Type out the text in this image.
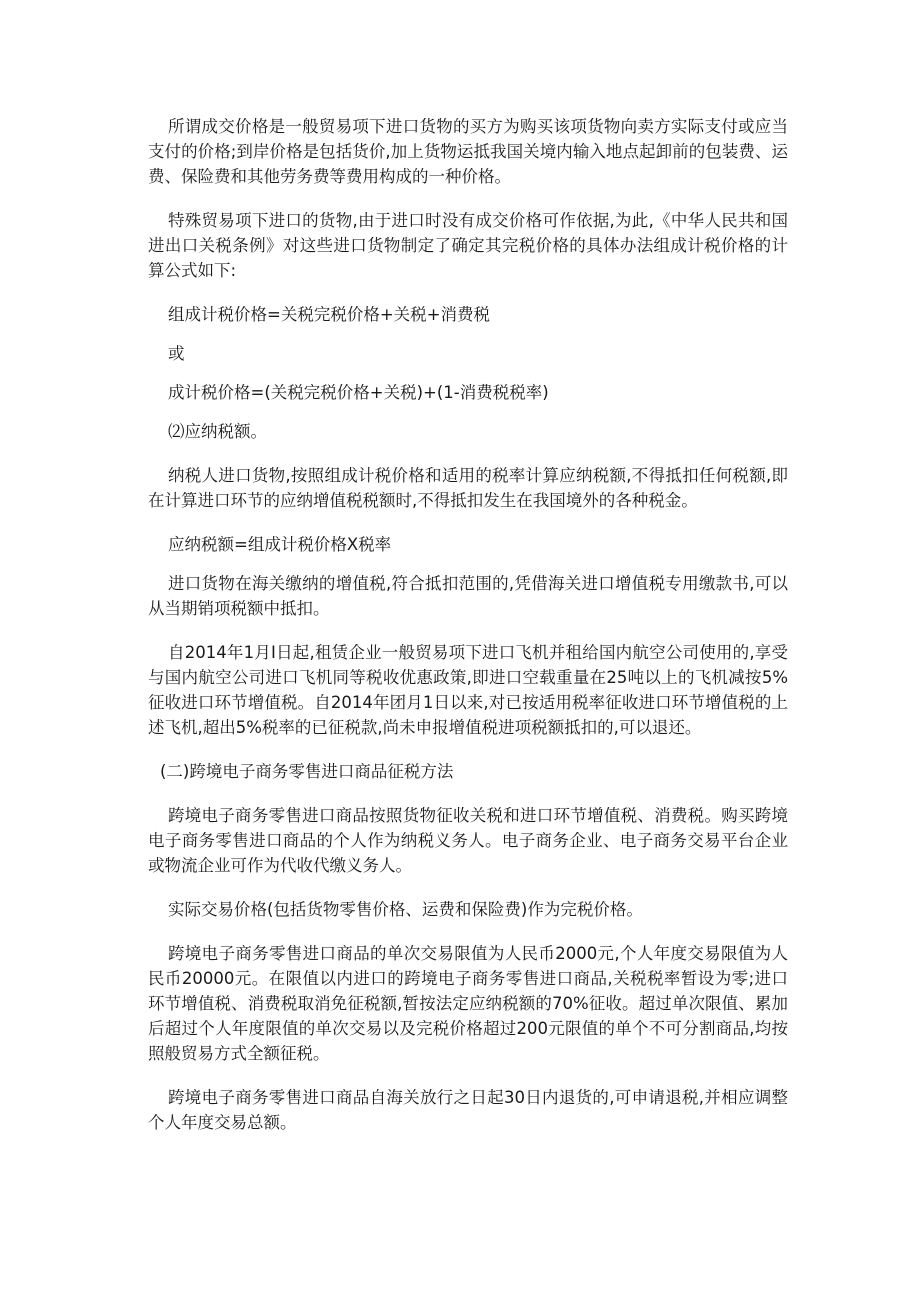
所谓成交价格是一般贸易项下进口货物的买方为购买该项货物向卖方实际支付或应当支付的价格;到岸价格是包括货价,加上货物运抵我国关境内输入地点起卸前的包装费、运费、保险费和其他劳务费等费用构成的一种价格。

特殊贸易项下进口的货物,由于进口时没有成交价格可作依据,为此,《中华人民共和国进出口关税条例》对这些进口货物制定了确定其完税价格的具体办法组成计税价格的计算公式如下:

组成计税价格=关税完税价格+关税+消费税

或

成计税价格=(关税完税价格+关税)+(1-消费税税率)

⑵应纳税额。

纳税人进口货物,按照组成计税价格和适用的税率计算应纳税额,不得抵扣任何税额,即在计算进口环节的应纳增值税税额时,不得抵扣发生在我国境外的各种税金。

应纳税额=组成计税价格X税率

进口货物在海关缴纳的增值税,符合抵扣范围的,凭借海关进口增值税专用缴款书,可以从当期销项税额中抵扣。

自2014年1月I日起,租赁企业一般贸易项下进口飞机并租给国内航空公司使用的,享受与国内航空公司进口飞机同等税收优惠政策,即进口空载重量在25吨以上的飞机减按5%征收进口环节增值税。自2014年团月1日以来,对已按适用税率征收进口环节增值税的上述飞机,超出5%税率的已征税款,尚未申报增值税进项税额抵扣的,可以退还。

(二)跨境电子商务零售进口商品征税方法

跨境电子商务零售进口商品按照货物征收关税和进口环节增值税、消费税。购买跨境电子商务零售进口商品的个人作为纳税义务人。电子商务企业、电子商务交易平台企业或物流企业可作为代收代缴义务人。

实际交易价格(包括货物零售价格、运费和保险费)作为完税价格。

跨境电子商务零售进口商品的单次交易限值为人民币2000元,个人年度交易限值为人民币20000元。在限值以内进口的跨境电子商务零售进口商品,关税税率暂设为零;进口环节增值税、消费税取消免征税额,暂按法定应纳税额的70%征收。超过单次限值、累加后超过个人年度限值的单次交易以及完税价格超过200元限值的单个不可分割商品,均按照般贸易方式全额征税。

跨境电子商务零售进口商品自海关放行之日起30日内退货的,可申请退税,并相应调整个人年度交易总额。
